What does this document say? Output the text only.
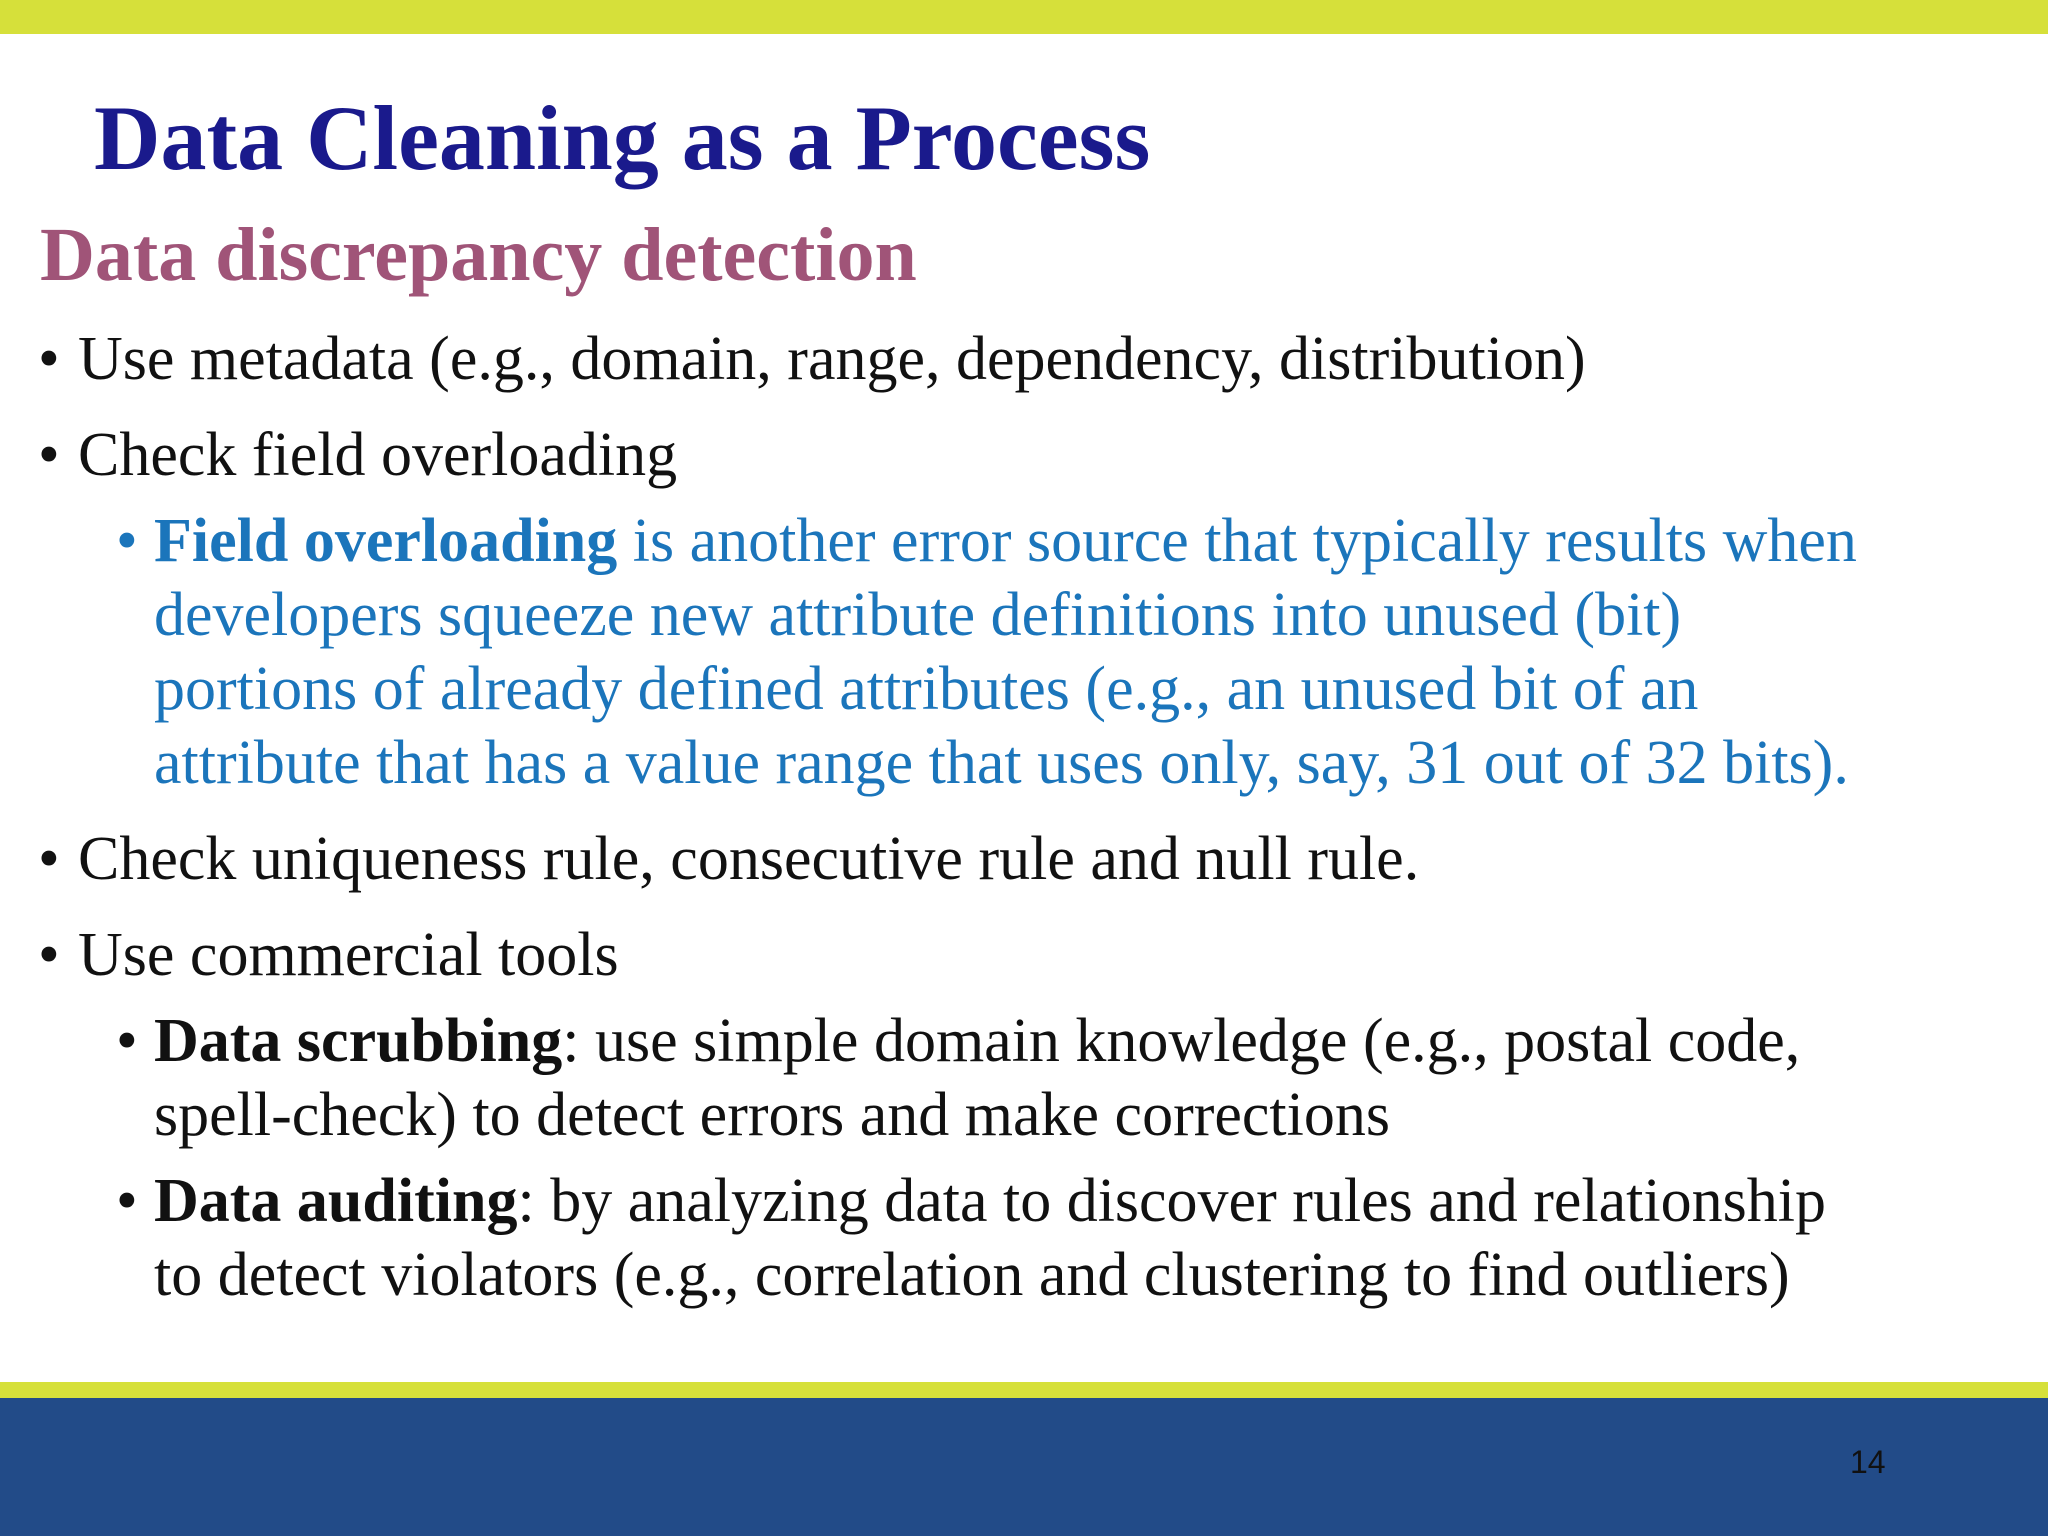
Data Cleaning as a Process
Data discrepancy detection
• Use metadata (e.g., domain, range, dependency, distribution)
• Check field overloading
• Field overloading is another error source that typically results when
developers squeeze new attribute definitions into unused (bit)
portions of already defined attributes (e.g., an unused bit of an
attribute that has a value range that uses only, say, 31 out of 32 bits).
• Check uniqueness rule, consecutive rule and null rule.
• Use commercial tools
• Data scrubbing: use simple domain knowledge (e.g., postal code,
spell-check) to detect errors and make corrections
• Data auditing: by analyzing data to discover rules and relationship
to detect violators (e.g., correlation and clustering to find outliers)
14
